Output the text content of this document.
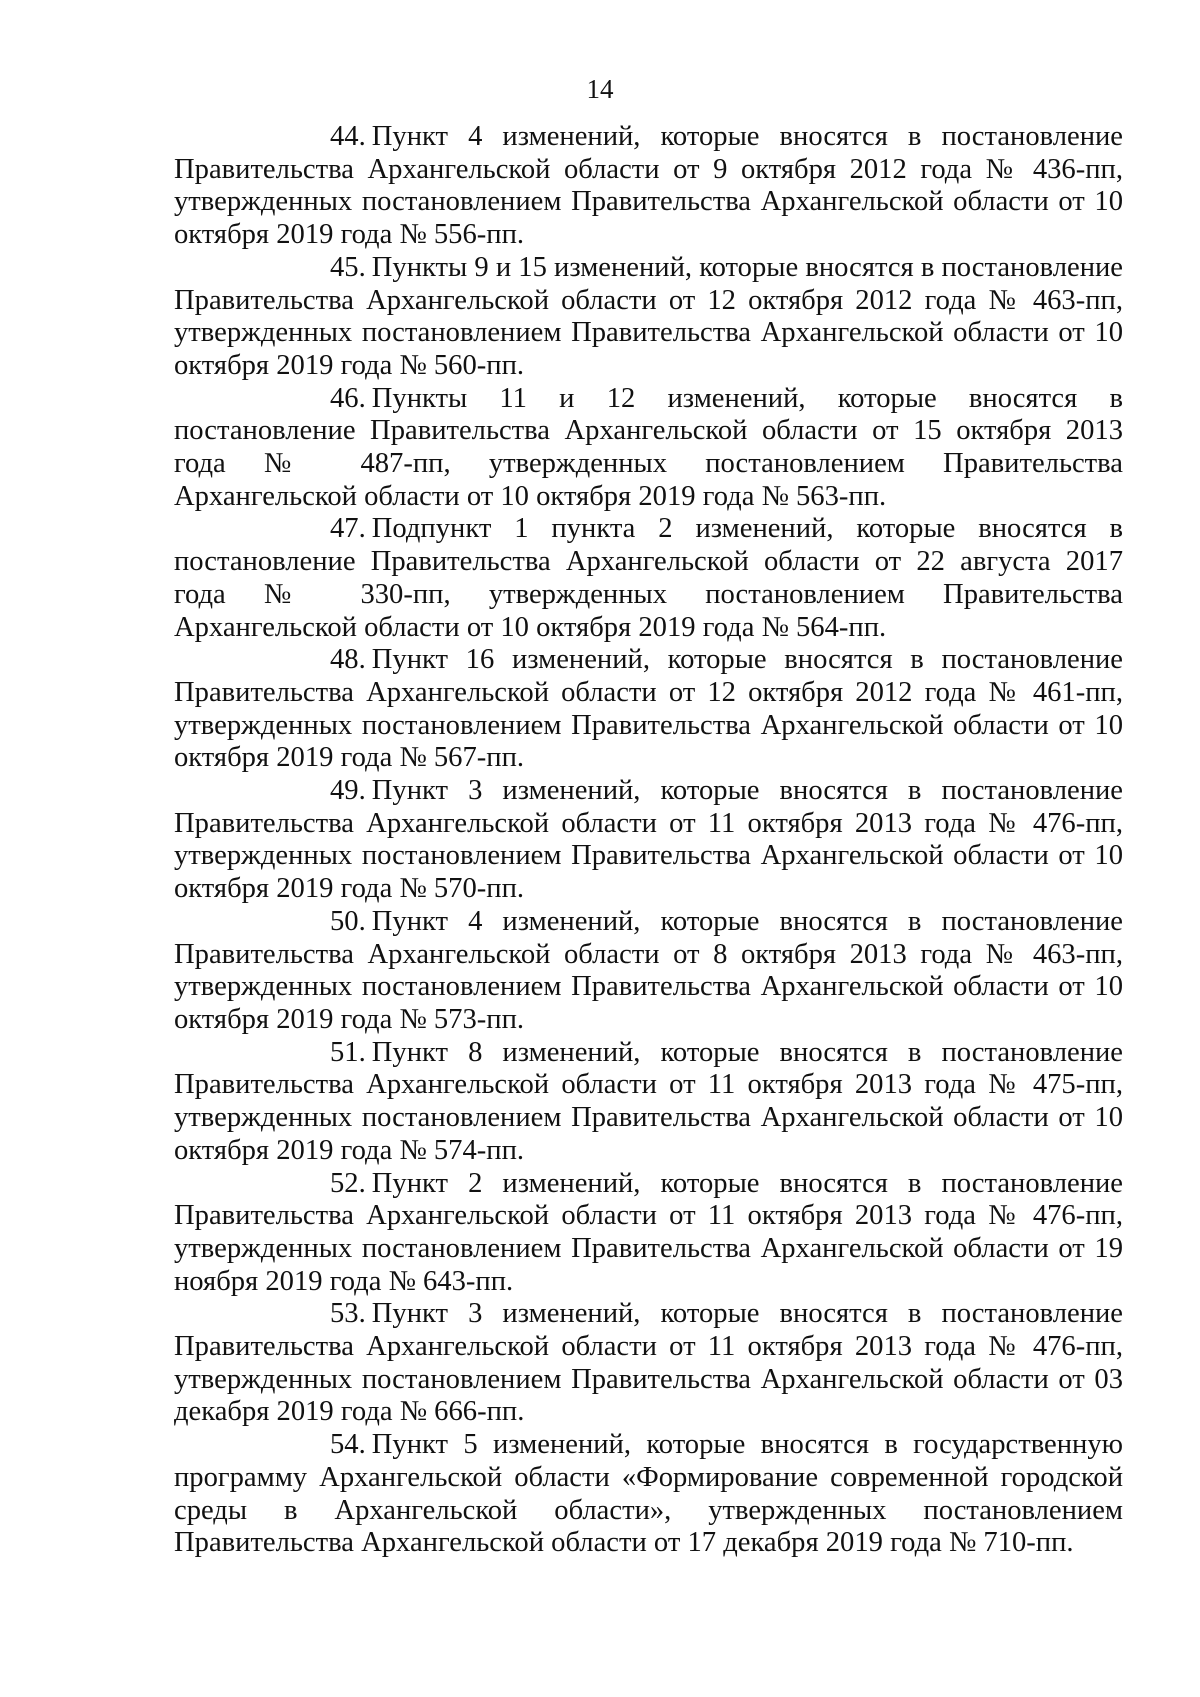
14

44. Пункт 4 изменений, которые вносятся в постановление Правительства Архангельской области от 9 октября 2012 года № 436-пп, утвержденных постановлением Правительства Архангельской области от 10 октября 2019 года № 556-пп.

45. Пункты 9 и 15 изменений, которые вносятся в постановление Правительства Архангельской области от 12 октября 2012 года № 463-пп, утвержденных постановлением Правительства Архангельской области от 10 октября 2019 года № 560-пп.

46. Пункты 11 и 12 изменений, которые вносятся в постановление Правительства Архангельской области от 15 октября 2013 года № 487-пп, утвержденных постановлением Правительства Архангельской области от 10 октября 2019 года № 563-пп.

47. Подпункт 1 пункта 2 изменений, которые вносятся в постановление Правительства Архангельской области от 22 августа 2017 года № 330-пп, утвержденных постановлением Правительства Архангельской области от 10 октября 2019 года № 564-пп.

48. Пункт 16 изменений, которые вносятся в постановление Правительства Архангельской области от 12 октября 2012 года № 461-пп, утвержденных постановлением Правительства Архангельской области от 10 октября 2019 года № 567-пп.

49. Пункт 3 изменений, которые вносятся в постановление Правительства Архангельской области от 11 октября 2013 года № 476-пп, утвержденных постановлением Правительства Архангельской области от 10 октября 2019 года № 570-пп.

50. Пункт 4 изменений, которые вносятся в постановление Правительства Архангельской области от 8 октября 2013 года № 463-пп, утвержденных постановлением Правительства Архангельской области от 10 октября 2019 года № 573-пп.

51. Пункт 8 изменений, которые вносятся в постановление Правительства Архангельской области от 11 октября 2013 года № 475-пп, утвержденных постановлением Правительства Архангельской области от 10 октября 2019 года № 574-пп.

52. Пункт 2 изменений, которые вносятся в постановление Правительства Архангельской области от 11 октября 2013 года № 476-пп, утвержденных постановлением Правительства Архангельской области от 19 ноября 2019 года № 643-пп.

53. Пункт 3 изменений, которые вносятся в постановление Правительства Архангельской области от 11 октября 2013 года № 476-пп, утвержденных постановлением Правительства Архангельской области от 03 декабря 2019 года № 666-пп.

54. Пункт 5 изменений, которые вносятся в государственную программу Архангельской области «Формирование современной городской среды в Архангельской области», утвержденных постановлением Правительства Архангельской области от 17 декабря 2019 года № 710-пп.
